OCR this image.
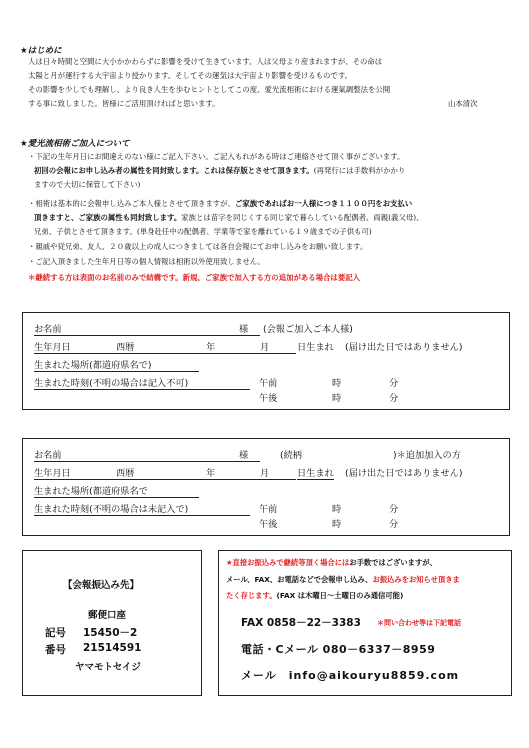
★はじめに
人は日々時間と空間に大小かかわらずに影響を受けて生きています。人は父母より産まれますが、その命は
太陽と月が運行する大宇宙より授かります。そしてその運気は大宇宙より影響を受けるものです。
その影響を少しでも理解し、より良き人生を歩むヒントとしてこの度、愛光流相術における運氣調整法を公開
する事に致しました。皆様にご活用頂ければと思います。	山本清次
★愛光流相術ご加入について
・下記の生年月日にお間違えのない様にご記入下さい。ご記入もれがある時はご連絡させて頂く事がございます。
初回の会報にお申し込み者の属性を同封致します。これは保存版とさせて頂きます。(再発行には手数料がかかり
ますので大切に保管して下さい)
・相術は基本的に会報申し込みご本人様とさせて頂きますが、ご家族であればお一人様につき１１００円をお支払い
頂きますと、ご家族の属性も同封致します。家族とは苗字を同じくする同じ家で暮らしている配偶者、両親(義父母)、
兄弟、子供とさせて頂きます。(単身赴任中の配偶者、学業等で家を離れている１９歳までの子供も可)
・親戚や従兄弟、友人、２０歳以上の成人につきましては各自会報にてお申し込みをお願い致します。
・ご記入頂きました生年月日等の個人情報は相術以外使用致しません。
＊継続する方は表面のお名前のみで結構です。新規、ご家族で加入する方の追加がある場合は要記入
お名前	様 (会報ご加入ご本人様)
生年月日	西暦	年	月	日生まれ (届け出た日ではありません)
生まれた場所(都道府県名で)
生まれた時刻(不明の場合は記入不可)	午前	時	分
午後	時	分
お名前	様	(続柄	)＊追加加入の方
生年月日	西暦	年	月	日生まれ (届け出た日ではありません)
生まれた場所(都道府県名で
生まれた時刻(不明の場合は未記入で)	午前	時	分
午後	時	分
【会報振込み先】
郵便口座
記号 15450－2
番号 21514591
ヤマモトセイジ
★直接お振込みで継続等頂く場合にはお手数ではございますが、
メール、FAX、お電話などで会報申し込み、お振込みをお知らせ頂きま
たく存じます。(FAX は木曜日～土曜日のみ通信可能)
FAX 0858－22－3383 ＊問い合わせ等は下記電話
電話・Cメール 080－6337－8959
メール　info@aikouryu8859.com
